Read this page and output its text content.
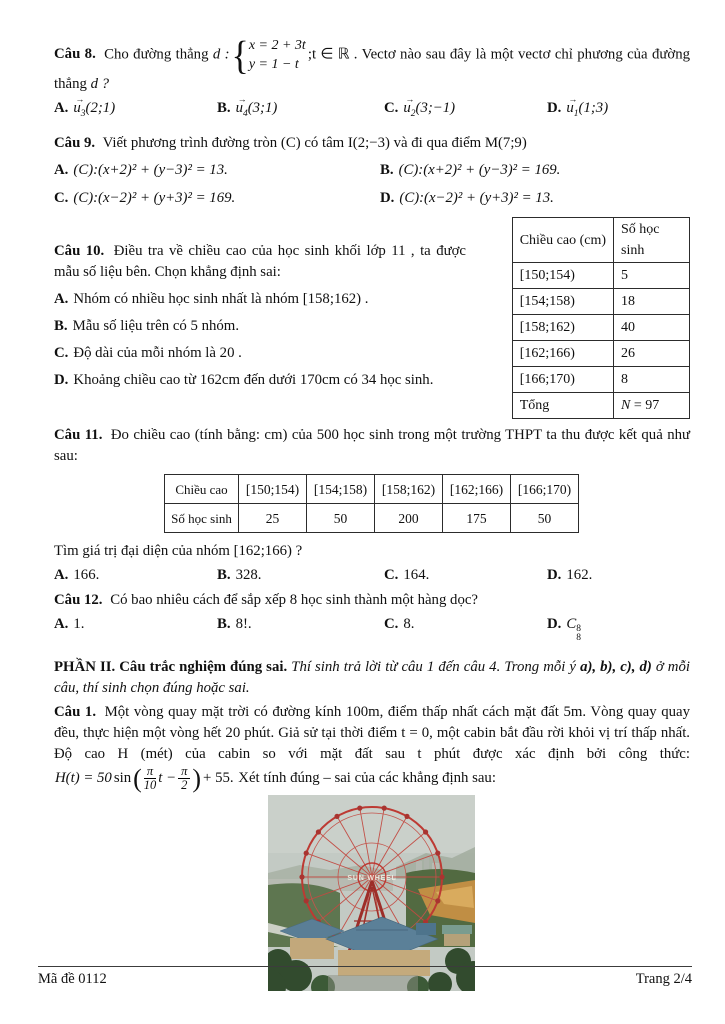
Câu 8. Cho đường thẳng d : { x = 2 + 3t
y = 1 − t
;t ∈ ℝ . Vectơ nào sau đây là một vectơ chỉ phương của đường thẳng d ?

A.
→
$u_3(2;1)$	B.
→
$u_4(3;1)$	C.
→
$u_2(3;-1)$	D.
→
$u_1(1;3)$

Câu 9. Viết phương trình đường tròn (C) có tâm I(2;−3) và đi qua điểm M(7;9)

A. (C):(x+2)² + (y−3)² = 13.	B. (C):(x+2)² + (y−3)² = 169.
C. (C):(x−2)² + (y+3)² = 169.	D. (C):(x−2)² + (y+3)² = 13.

Câu 10. Điều tra về chiều cao của học sinh khối lớp 11 , ta được mẫu số liệu bên. Chọn khẳng định sai:

A. Nhóm có nhiều học sinh nhất là nhóm [158;162) .
B. Mẫu số liệu trên có 5 nhóm.
C. Độ dài của mỗi nhóm là 20 .
D. Khoảng chiều cao từ 162cm đến dưới 170cm có 34 học sinh.
Chiều cao (cm)	Số học sinh
[150;154)	5
[154;158)	18
[158;162)	40
[162;166)	26
[166;170)	8
Tổng	N = 97

Câu 11. Đo chiều cao (tính bằng: cm) của 500 học sinh trong một trường THPT ta thu được kết quả như sau:

Chiều cao	[150;154)	[154;158)	[158;162)	[162;166)	[166;170)
Số học sinh	25	50	200	175	50

Tìm giá trị đại diện của nhóm [162;166) ?

A. 166.	B. 328.	C. 164.	D. 162.

Câu 12. Có bao nhiêu cách để sắp xếp 8 học sinh thành một hàng dọc?

A. 1.	B. 8!.	C. 8.	D. C 8
8

PHẦN II. Câu trắc nghiệm đúng sai. Thí sinh trả lời từ câu 1 đến câu 4. Trong mỗi ý a), b), c), d) ở mỗi câu, thí sinh chọn đúng hoặc sai.

Câu 1. Một vòng quay mặt trời có đường kính 100m, điểm thấp nhất cách mặt đất 5m. Vòng quay quay đều, thực hiện một vòng hết 20 phút. Giả sử tại thời điểm t = 0, một cabin bắt đầu rời khỏi vị trí thấp nhất. Độ cao H (mét) của cabin so với mặt đất sau t phút được xác định bởi công thức:
H(t) = 50 sin ( $\frac{\pi}{10}$ $t - \frac{\pi}{2}$ ) + 55. Xét tính đúng – sai của các khẳng định sau:

SUN WHEEL
Mã đề 0112	Trang 2/4
